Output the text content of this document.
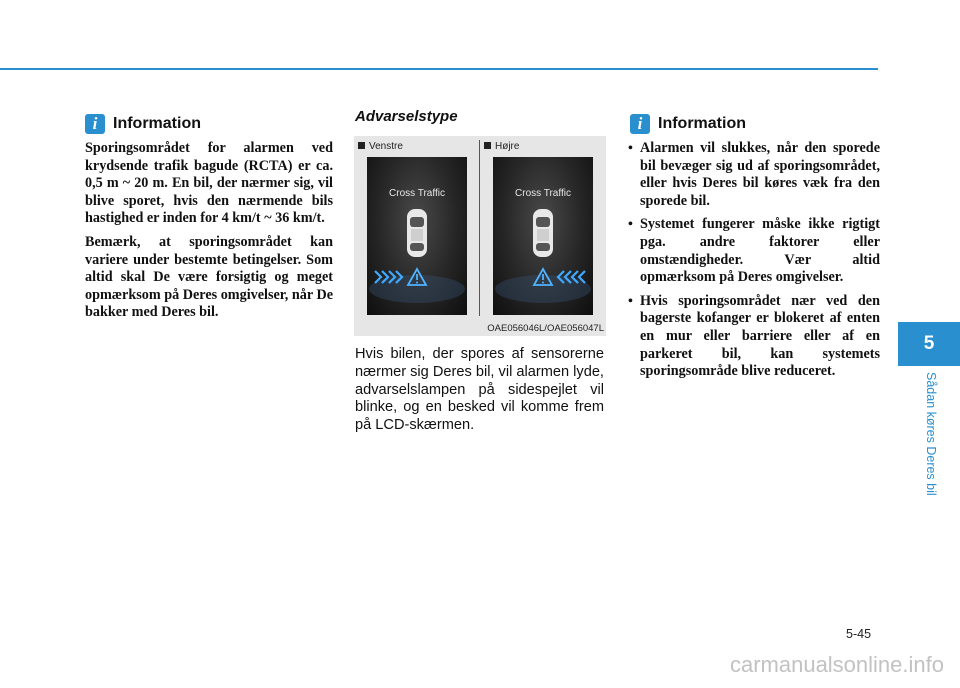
i Information

Sporingsområdet for alarmen ved krydsende trafik bagude (RCTA) er ca. 0,5 m ~ 20 m. En bil, der nærmer sig, vil blive sporet, hvis den nærmende bils hastighed er inden for 4 km/t ~ 36 km/t.

Bemærk, at sporingsområdet kan variere under bestemte betingelser. Som altid skal De være forsigtig og meget opmærksom på Deres omgivelser, når De bakker med Deres bil.

Advarselstype
Venstre	Højre
Cross Traffic	Cross Traffic
OAE056046L/OAE056047L

Hvis bilen, der spores af sensorerne nærmer sig Deres bil, vil alarmen lyde, advarselslampen på sidespejlet vil blinke, og en besked vil komme frem på LCD-skærmen.

i Information
• Alarmen vil slukkes, når den sporede bil bevæger sig ud af sporingsområdet, eller hvis Deres bil køres væk fra den sporede bil.
• Systemet fungerer måske ikke rigtigt pga. andre faktorer eller omstændigheder. Vær altid opmærksom på Deres omgivelser.
• Hvis sporingsområdet nær ved den bagerste kofanger er blokeret af enten en mur eller barriere eller af en parkeret bil, kan systemets sporingsområde blive reduceret.
5
Sådan køres Deres bil
5-45
carmanualsonline.info
